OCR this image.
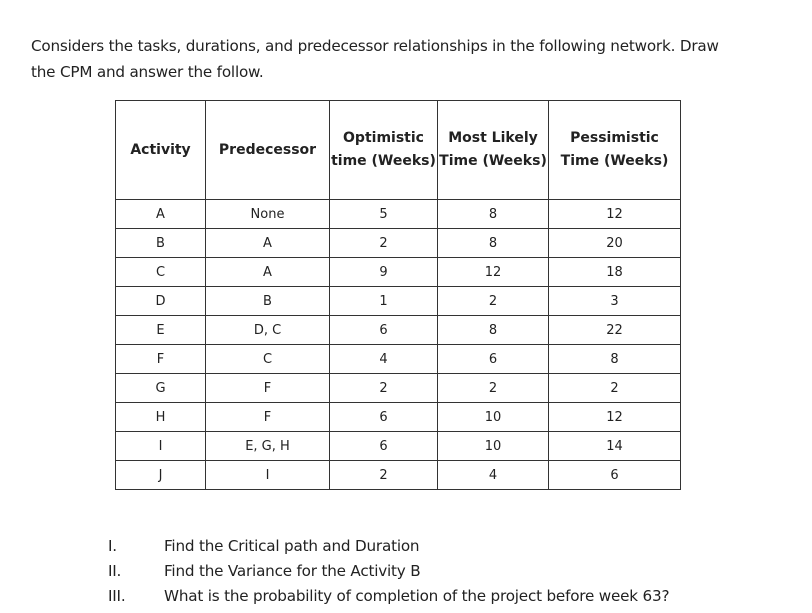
Considers the tasks, durations, and predecessor relationships in the following network. Draw
the CPM and answer the follow.
Activity	Predecessor	Optimistic time (Weeks)	Most Likely Time (Weeks)	Pessimistic Time (Weeks)
A	None	5	8	12
B	A	2	8	20
C	A	9	12	18
D	B	1	2	3
E	D, C	6	8	22
F	C	4	6	8
G	F	2	2	2
H	F	6	10	12
I	E, G, H	6	10	14
J	I	2	4	6
I.	Find the Critical path and Duration
II.	Find the Variance for the Activity B
III.	What is the probability of completion of the project before week 63?
